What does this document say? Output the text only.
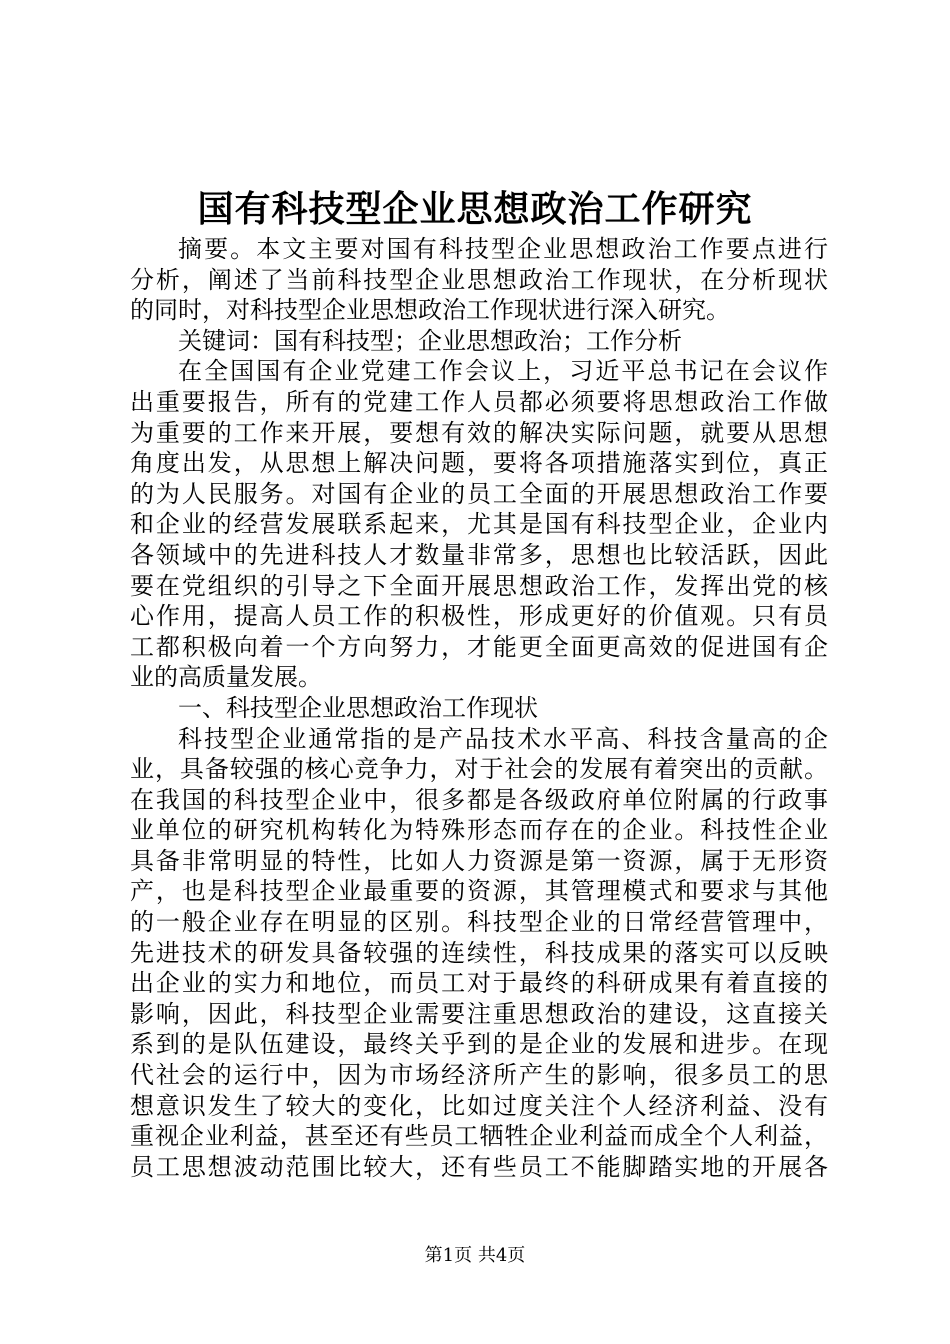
国有科技型企业思想政治工作研究
摘要。本文主要对国有科技型企业思想政治工作要点进行
分析，阐述了当前科技型企业思想政治工作现状，在分析现状
的同时，对科技型企业思想政治工作现状进行深入研究。
关键词：国有科技型；企业思想政治；工作分析
在全国国有企业党建工作会议上，习近平总书记在会议作
出重要报告，所有的党建工作人员都必须要将思想政治工作做
为重要的工作来开展，要想有效的解决实际问题，就要从思想
角度出发，从思想上解决问题，要将各项措施落实到位，真正
的为人民服务。对国有企业的员工全面的开展思想政治工作要
和企业的经营发展联系起来，尤其是国有科技型企业，企业内
各领域中的先进科技人才数量非常多，思想也比较活跃，因此
要在党组织的引导之下全面开展思想政治工作，发挥出党的核
心作用，提高人员工作的积极性，形成更好的价值观。只有员
工都积极向着一个方向努力，才能更全面更高效的促进国有企
业的高质量发展。
一、科技型企业思想政治工作现状
科技型企业通常指的是产品技术水平高、科技含量高的企
业，具备较强的核心竞争力，对于社会的发展有着突出的贡献。
在我国的科技型企业中，很多都是各级政府单位附属的行政事
业单位的研究机构转化为特殊形态而存在的企业。科技性企业
具备非常明显的特性，比如人力资源是第一资源，属于无形资
产，也是科技型企业最重要的资源，其管理模式和要求与其他
的一般企业存在明显的区别。科技型企业的日常经营管理中，
先进技术的研发具备较强的连续性，科技成果的落实可以反映
出企业的实力和地位，而员工对于最终的科研成果有着直接的
影响，因此，科技型企业需要注重思想政治的建设，这直接关
系到的是队伍建设，最终关乎到的是企业的发展和进步。在现
代社会的运行中，因为市场经济所产生的影响，很多员工的思
想意识发生了较大的变化，比如过度关注个人经济利益、没有
重视企业利益，甚至还有些员工牺牲企业利益而成全个人利益，
员工思想波动范围比较大，还有些员工不能脚踏实地的开展各
第1页 共4页
